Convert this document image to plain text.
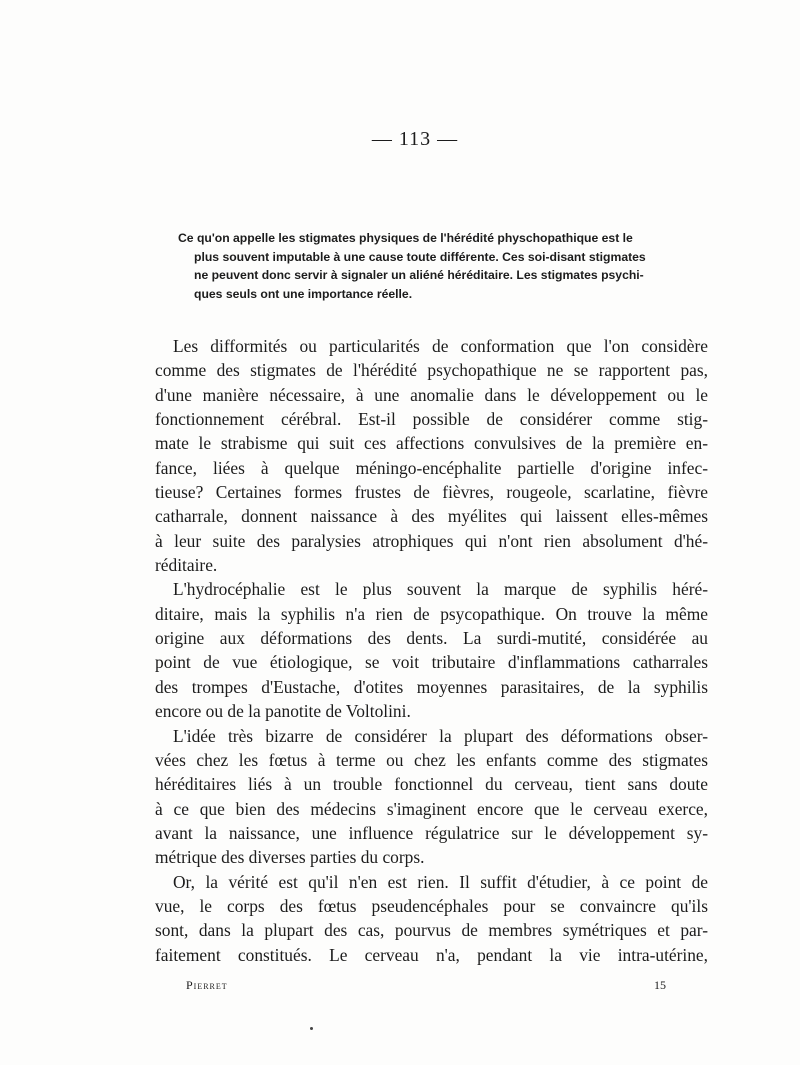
— 113 —
Ce qu'on appelle les stigmates physiques de l'hérédité physchopathique est le
plus souvent imputable à une cause toute différente. Ces soi-disant stigmates
ne peuvent donc servir à signaler un aliéné héréditaire. Les stigmates psychi-
ques seuls ont une importance réelle.
Les difformités ou particularités de conformation que l'on considère
comme des stigmates de l'hérédité psychopathique ne se rapportent pas,
d'une manière nécessaire, à une anomalie dans le développement ou le
fonctionnement cérébral. Est-il possible de considérer comme stig-
mate le strabisme qui suit ces affections convulsives de la première en-
fance, liées à quelque méningo-encéphalite partielle d'origine infec-
tieuse? Certaines formes frustes de fièvres, rougeole, scarlatine, fièvre
catharrale, donnent naissance à des myélites qui laissent elles-mêmes
à leur suite des paralysies atrophiques qui n'ont rien absolument d'hé-
réditaire.
L'hydrocéphalie est le plus souvent la marque de syphilis héré-
ditaire, mais la syphilis n'a rien de psycopathique. On trouve la même
origine aux déformations des dents. La surdi-mutité, considérée au
point de vue étiologique, se voit tributaire d'inflammations catharrales
des trompes d'Eustache, d'otites moyennes parasitaires, de la syphilis
encore ou de la panotite de Voltolini.
L'idée très bizarre de considérer la plupart des déformations obser-
vées chez les fœtus à terme ou chez les enfants comme des stigmates
héréditaires liés à un trouble fonctionnel du cerveau, tient sans doute
à ce que bien des médecins s'imaginent encore que le cerveau exerce,
avant la naissance, une influence régulatrice sur le développement sy-
métrique des diverses parties du corps.
Or, la vérité est qu'il n'en est rien. Il suffit d'étudier, à ce point de
vue, le corps des fœtus pseudencéphales pour se convaincre qu'ils
sont, dans la plupart des cas, pourvus de membres symétriques et par-
faitement constitués. Le cerveau n'a, pendant la vie intra-utérine,
Pierret	15
